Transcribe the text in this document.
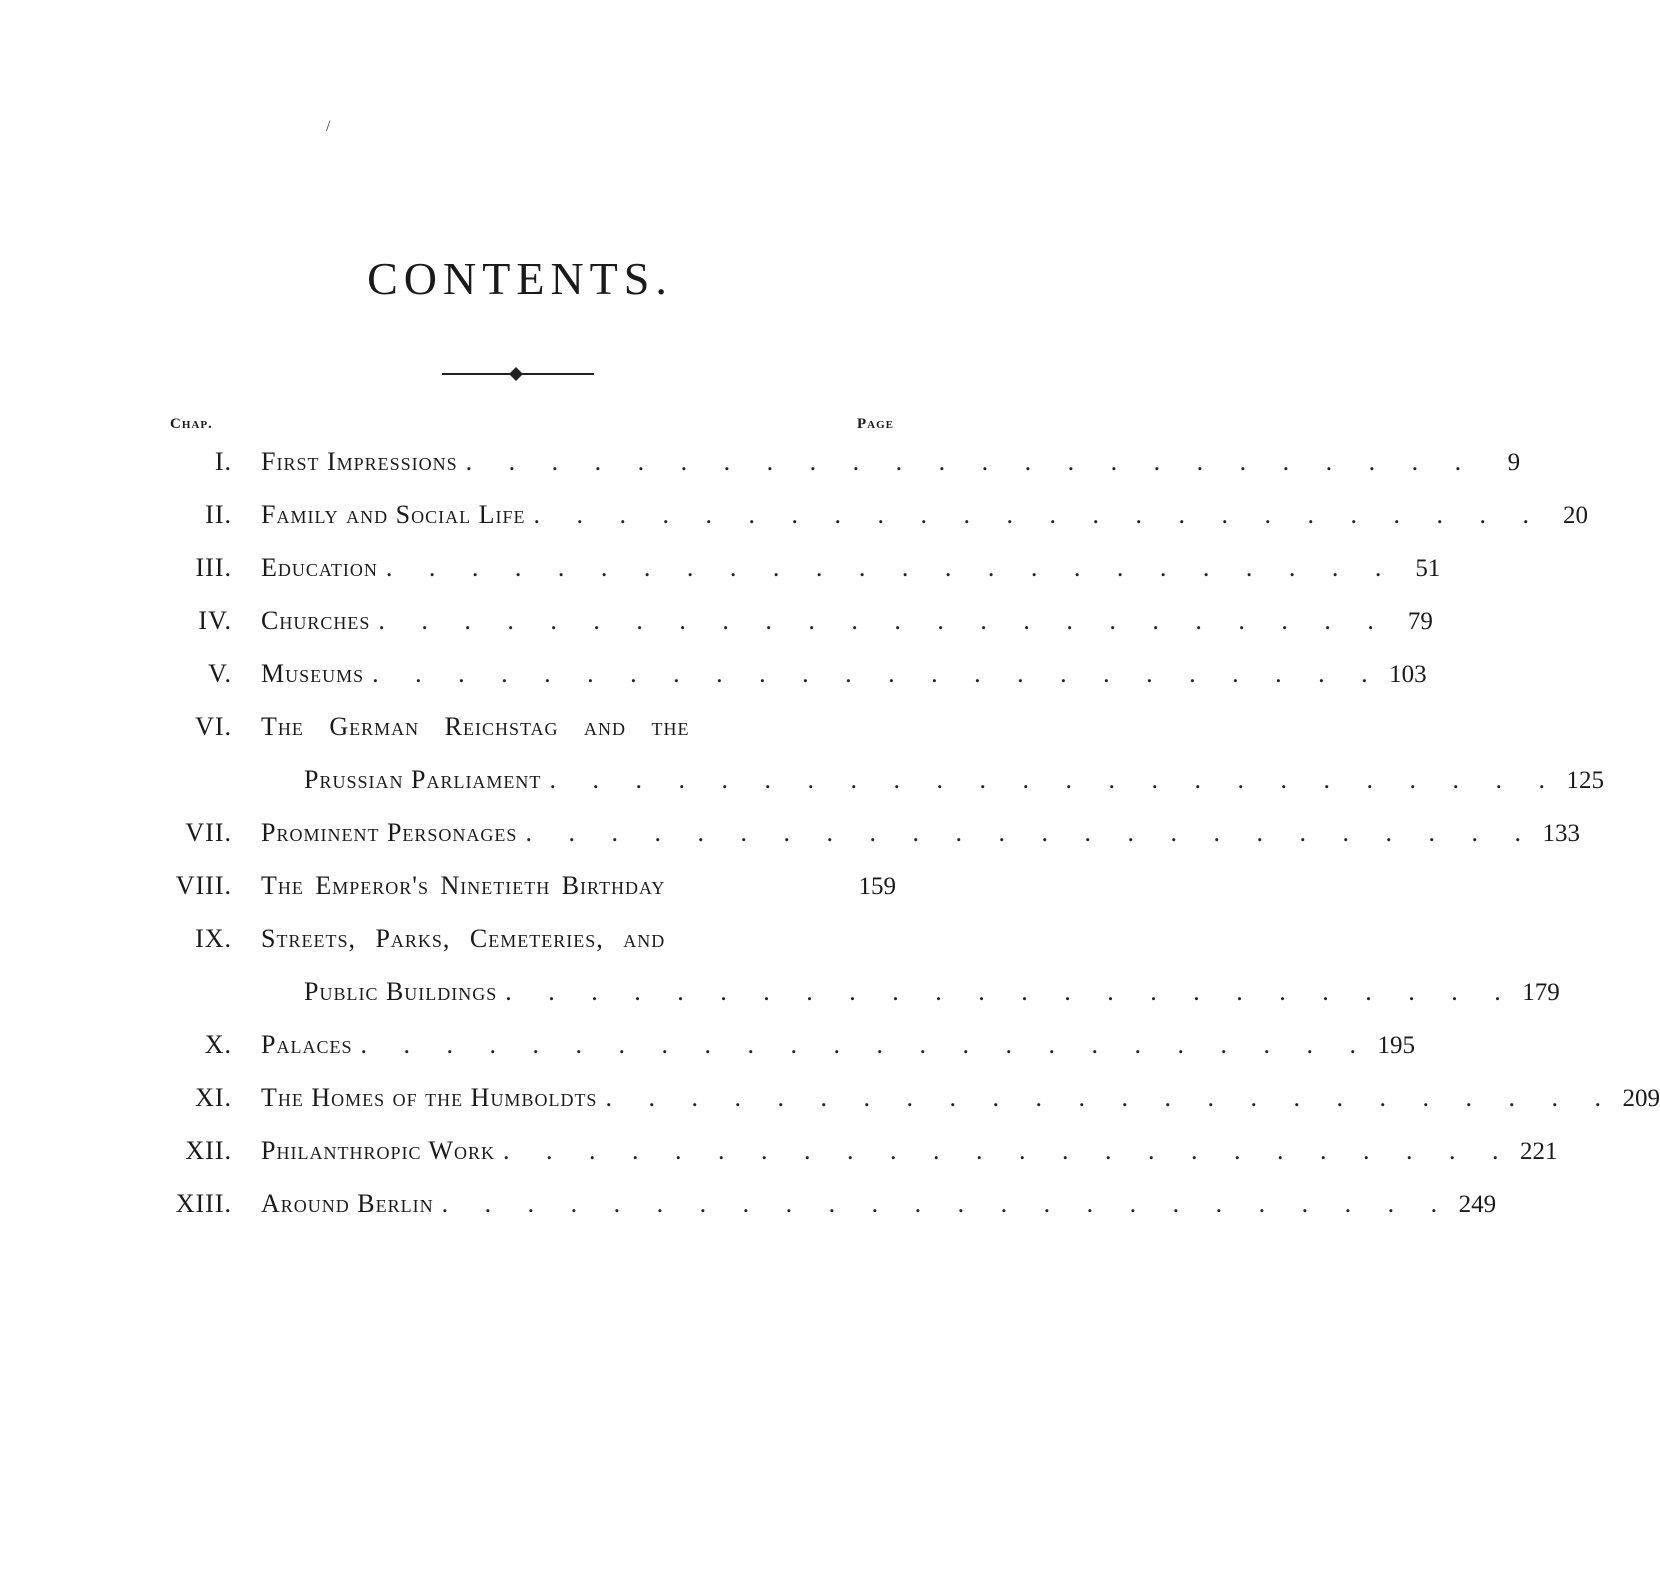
/
CONTENTS.
Chap.	Page
I. First Impressions . . . . . . . . . . . . . . . . . . . . . . . .	9
II. Family and Social Life . . . . . . . . . . . . . . . . . . . . . . . . 20
III. Education . . . . . . . . . . . . . . . . . . . . . . . . 51
IV. Churches . . . . . . . . . . . . . . . . . . . . . . . . 79
V. Museums . . . . . . . . . . . . . . . . . . . . . . . . 103
VI. The German Reichstag and the
Prussian Parliament . . . . . . . . . . . . . . . . . . . . . . . . 125
VII. Prominent Personages . . . . . . . . . . . . . . . . . . . . . . . . 133
VIII. The Emperor's Ninetieth Birthday	159
IX. Streets, Parks, Cemeteries, and
Public Buildings . . . . . . . . . . . . . . . . . . . . . . . . 179
X. Palaces . . . . . . . . . . . . . . . . . . . . . . . . 195
XI. The Homes of the Humboldts . . . . . . . . . . . . . . . . . . . . . . . . 209
XII. Philanthropic Work . . . . . . . . . . . . . . . . . . . . . . . . 221
XIII. Around Berlin . . . . . . . . . . . . . . . . . . . . . . . . 249
